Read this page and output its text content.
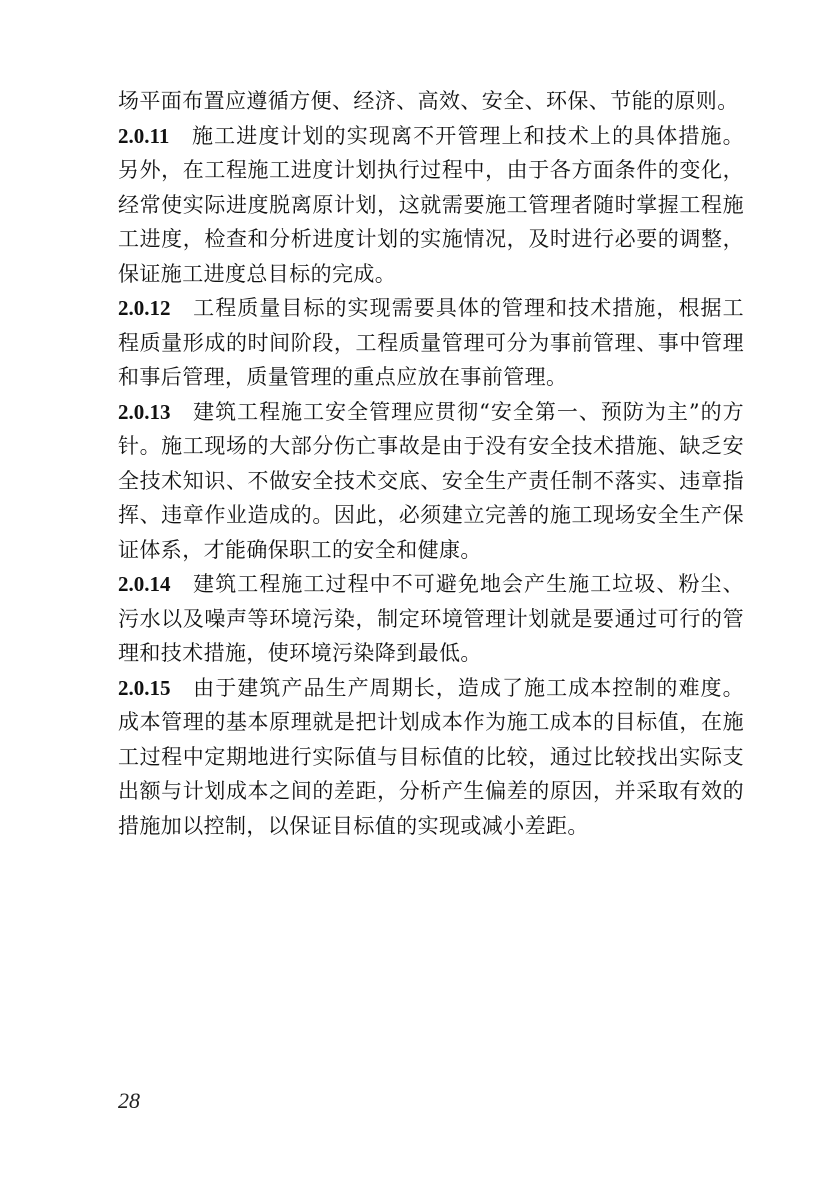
场平面布置应遵循方便、经济、高效、安全、环保、节能的原则。

2.0.11 施工进度计划的实现离不开管理上和技术上的具体措施。另外，在工程施工进度计划执行过程中，由于各方面条件的变化，经常使实际进度脱离原计划，这就需要施工管理者随时掌握工程施工进度，检查和分析进度计划的实施情况，及时进行必要的调整，保证施工进度总目标的完成。

2.0.12 工程质量目标的实现需要具体的管理和技术措施，根据工程质量形成的时间阶段，工程质量管理可分为事前管理、事中管理和事后管理，质量管理的重点应放在事前管理。

2.0.13 建筑工程施工安全管理应贯彻“安全第一、预防为主”的方针。施工现场的大部分伤亡事故是由于没有安全技术措施、缺乏安全技术知识、不做安全技术交底、安全生产责任制不落实、违章指挥、违章作业造成的。因此，必须建立完善的施工现场安全生产保证体系，才能确保职工的安全和健康。

2.0.14 建筑工程施工过程中不可避免地会产生施工垃圾、粉尘、污水以及噪声等环境污染，制定环境管理计划就是要通过可行的管理和技术措施，使环境污染降到最低。

2.0.15 由于建筑产品生产周期长，造成了施工成本控制的难度。成本管理的基本原理就是把计划成本作为施工成本的目标值，在施工过程中定期地进行实际值与目标值的比较，通过比较找出实际支出额与计划成本之间的差距，分析产生偏差的原因，并采取有效的措施加以控制，以保证目标值的实现或减小差距。

28
